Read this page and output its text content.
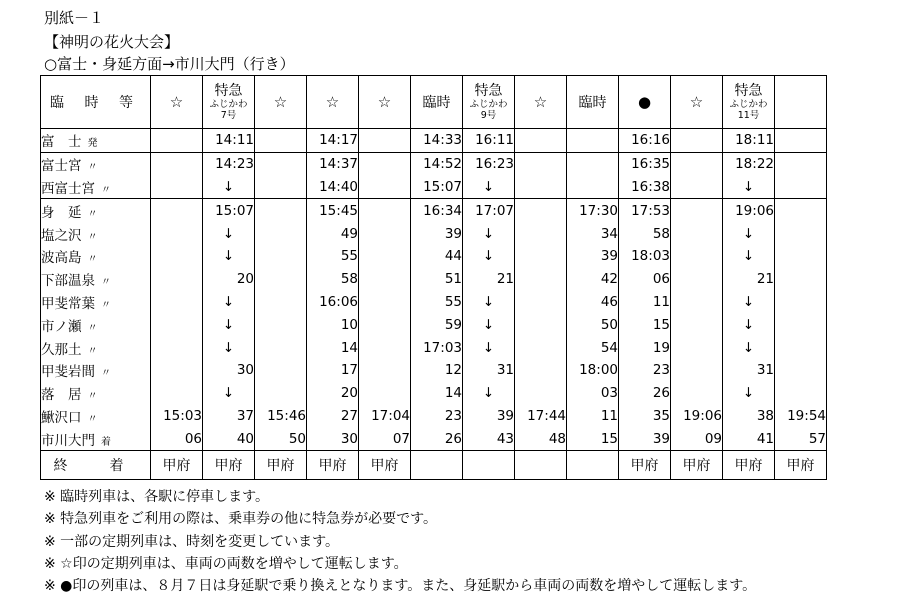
別紙－１
【神明の花火大会】
○富士・身延方面→市川大門（行き）
臨 時 等	☆	特急
ふじかわ
7号	☆	☆	☆	臨時	特急
ふじかわ
9号	☆	臨時	●	☆	特急
ふじかわ
11号	

富　士 発		14:11		14:17		14:33	16:11			16:16		18:11	
富士宮 〃		14:23		14:37		14:52	16:23			16:35		18:22	
西富士宮 〃		↓		14:40		15:07	↓			16:38		↓	
身　延 〃		15:07		15:45		16:34	17:07		17:30	17:53		19:06	
塩之沢 〃		↓		49		39	↓		34	58		↓	
波高島 〃		↓		55		44	↓		39	18:03		↓	
下部温泉 〃		20		58		51	21		42	06		21	
甲斐常葉 〃		↓		16:06		55	↓		46	11		↓	
市ノ瀬 〃		↓		10		59	↓		50	15		↓	
久那土 〃		↓		14		17:03	↓		54	19		↓	
甲斐岩間 〃		30		17		12	31		18:00	23		31	
落　居 〃		↓		20		14	↓		03	26		↓	
鰍沢口 〃	15:03	37	15:46	27	17:04	23	39	17:44	11	35	19:06	38	19:54
市川大門 着	06	40	50	30	07	26	43	48	15	39	09	41	57
終　着	甲府	甲府	甲府	甲府	甲府					甲府	甲府	甲府	甲府
※ 臨時列車は、各駅に停車します。
※ 特急列車をご利用の際は、乗車券の他に特急券が必要です。
※ 一部の定期列車は、時刻を変更しています。
※ ☆印の定期列車は、車両の両数を増やして運転します。
※ ●印の列車は、８月７日は身延駅で乗り換えとなります。また、身延駅から車両の両数を増やして運転します。
